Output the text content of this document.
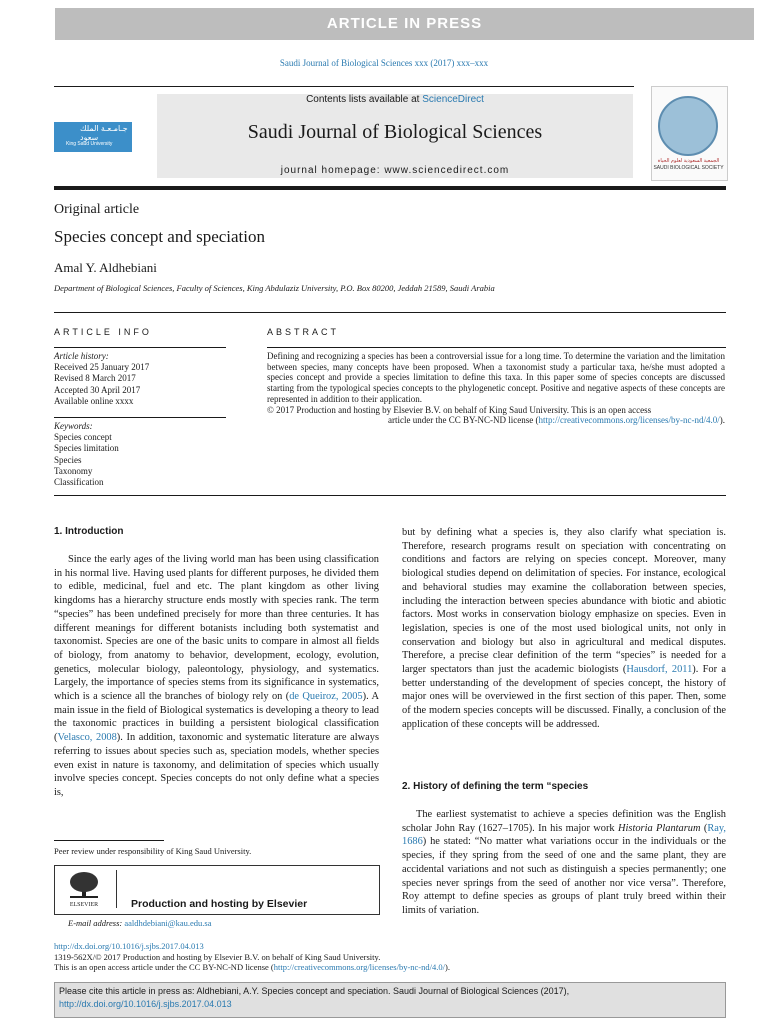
ARTICLE IN PRESS
Saudi Journal of Biological Sciences xxx (2017) xxx–xxx
Contents lists available at ScienceDirect
Saudi Journal of Biological Sciences
journal homepage: www.sciencedirect.com
جـامـعـة الملك سعود
King Saud University
الجمعية السعودية لعلوم الحياة
SAUDI BIOLOGICAL SOCIETY
Original article
Species concept and speciation
Amal Y. Aldhebiani
Department of Biological Sciences, Faculty of Sciences, King Abdulaziz University, P.O. Box 80200, Jeddah 21589, Saudi Arabia
ARTICLE INFO
Article history:
Received 25 January 2017
Revised 8 March 2017
Accepted 30 April 2017
Available online xxxx
Keywords:
Species concept
Species limitation
Species
Taxonomy
Classification
ABSTRACT
Defining and recognizing a species has been a controversial issue for a long time. To determine the variation and the limitation between species, many concepts have been proposed. When a taxonomist study a particular taxa, he/she must adopted a species concept and provide a species limitation to define this taxa. In this paper some of species concepts are discussed starting from the typological species concepts to the phylogenetic concept. Positive and negative aspects of these concepts are represented in addition to their application.
© 2017 Production and hosting by Elsevier B.V. on behalf of King Saud University. This is an open access
article under the CC BY-NC-ND license (http://creativecommons.org/licenses/by-nc-nd/4.0/).
1. Introduction

Since the early ages of the living world man has been using classification in his normal live. Having used plants for different purposes, he divided them to edible, medicinal, fuel and etc. The plant kingdom as other living kingdoms has a hierarchy structure ends mostly with species rank. The term “species” has been undefined precisely for more than three centuries. It has different meanings for different botanists including both systematist and taxonomist. Species are one of the basic units to compare in almost all fields of biology, from anatomy to behavior, development, ecology, evolution, genetics, molecular biology, paleontology, physiology, and systematics. Largely, the importance of species stems from its significance in systematics, which is a science all the branches of biology rely on (de Queiroz, 2005). A main issue in the field of Biological systematics is developing a theory to lead the taxonomic practices in building a persistent biological classification (Velasco, 2008). In addition, taxonomic and systematic literature are always referring to issues about species such as, speciation models, whether species even exist in nature is taxonomy, and delimitation of species which usually involve species concept. Species concepts do not only define what a species is,

but by defining what a species is, they also clarify what speciation is. Therefore, research programs result on speciation with concentrating on conditions and factors are relying on species concept. Moreover, many biological studies depend on delimitation of species. For instance, ecological and behavioral studies may examine the collaboration between species, including the interaction between species abundance with biotic and abiotic factors. Most works in conservation biology emphasize on species. Even in legislation, species is one of the most used biological units, not only in conservation and biology but also in agricultural and medical disputes. Therefore, a precise clear definition of the term “species” is needed for a larger spectators than just the academic biologists (Hausdorf, 2011). For a better understanding of the development of species concept, the history of major ones will be overviewed in the first section of this paper. Then, some of the modern species concepts will be discussed. Finally, a conclusion of the application of these concepts will be addressed.

2. History of defining the term “species

The earliest systematist to achieve a species definition was the English scholar John Ray (1627–1705). In his major work Historia Plantarum (Ray, 1686) he stated: “No matter what variations occur in the individuals or the species, if they spring from the seed of one and the same plant, they are accidental variations and not such as distinguish a species permanently; one species never springs from the seed of another nor vice versa”. Therefore, Roy attempt to define species as groups of plant truly breed within their limits of variation.

Peer review under responsibility of King Saud University.
ELSEVIER	Production and hosting by Elsevier
E-mail address: aaldhdebiani@kau.edu.sa
http://dx.doi.org/10.1016/j.sjbs.2017.04.013
1319-562X/© 2017 Production and hosting by Elsevier B.V. on behalf of King Saud University.
This is an open access article under the CC BY-NC-ND license (http://creativecommons.org/licenses/by-nc-nd/4.0/).
Please cite this article in press as: Aldhebiani, A.Y. Species concept and speciation. Saudi Journal of Biological Sciences (2017), http://dx.doi.org/10.1016/j.sjbs.2017.04.013
